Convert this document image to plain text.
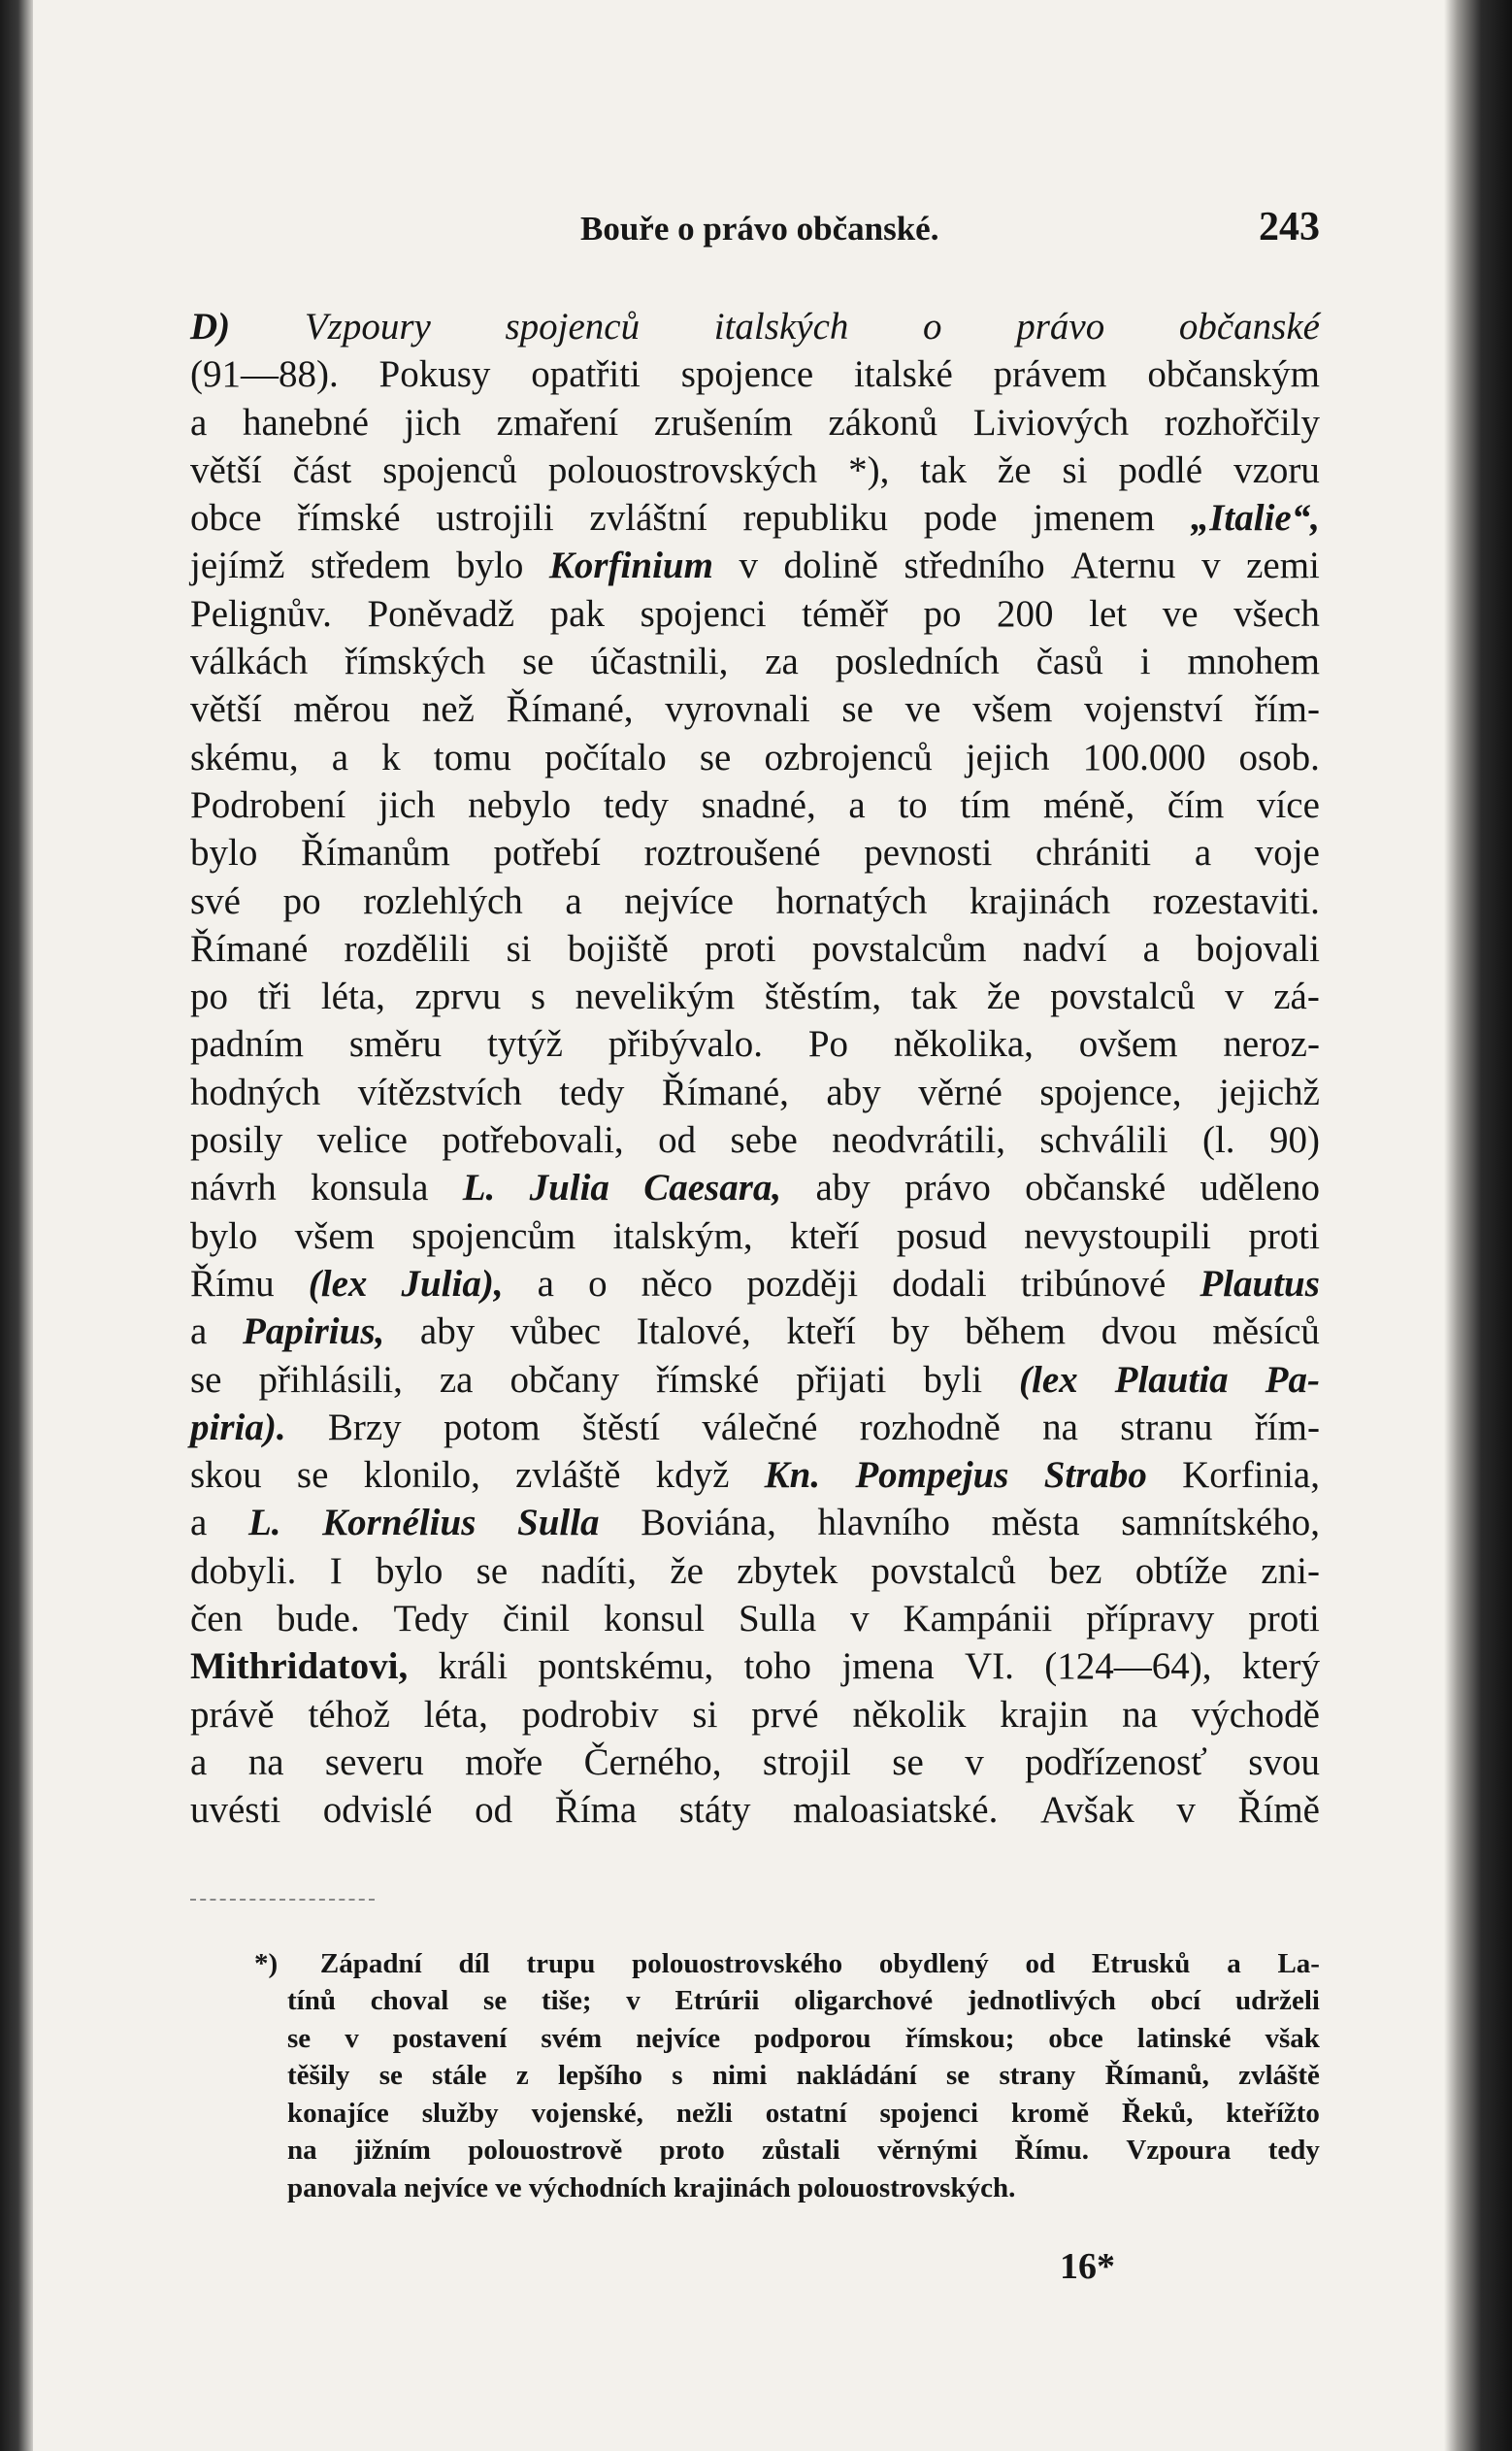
Bouře o právo občanské.	243
D) Vzpoury spojenců italských o právo občanské
(91—88). Pokusy opatřiti spojence italské právem občanským
a hanebné jich zmaření zrušením zákonů Liviových rozhořčily
větší část spojenců polouostrovských *), tak že si podlé vzoru
obce římské ustrojili zvláštní republiku pode jmenem „Italie“,
jejímž středem bylo Korfinium v dolině středního Aternu v zemi
Pelignův. Poněvadž pak spojenci téměř po 200 let ve všech
válkách římských se účastnili, za posledních časů i mnohem
větší měrou než Římané, vyrovnali se ve všem vojenství řím-
skému, a k tomu počítalo se ozbrojenců jejich 100.000 osob.
Podrobení jich nebylo tedy snadné, a to tím méně, čím více
bylo Římanům potřebí roztroušené pevnosti chrániti a voje
své po rozlehlých a nejvíce hornatých krajinách rozestaviti.
Římané rozdělili si bojiště proti povstalcům nadví a bojovali
po tři léta, zprvu s nevelikým štěstím, tak že povstalců v zá-
padním směru tytýž přibývalo. Po několika, ovšem neroz-
hodných vítězstvích tedy Římané, aby věrné spojence, jejichž
posily velice potřebovali, od sebe neodvrátili, schválili (l. 90)
návrh konsula L. Julia Caesara, aby právo občanské uděleno
bylo všem spojencům italským, kteří posud nevystoupili proti
Římu (lex Julia), a o něco později dodali tribúnové Plautus
a Papirius, aby vůbec Italové, kteří by během dvou měsíců
se přihlásili, za občany římské přijati byli (lex Plautia Pa-
piria). Brzy potom štěstí válečné rozhodně na stranu řím-
skou se klonilo, zvláště když Kn. Pompejus Strabo Korfinia,
a L. Kornélius Sulla Boviána, hlavního města samnítského,
dobyli. I bylo se nadíti, že zbytek povstalců bez obtíže zni-
čen bude. Tedy činil konsul Sulla v Kampánii přípravy proti
Mithridatovi, králi pontskému, toho jmena VI. (124—64), který
právě téhož léta, podrobiv si prvé několik krajin na východě
a na severu moře Černého, strojil se v podřízenosť svou
uvésti odvislé od Říma státy maloasiatské. Avšak v Římě
*) Západní díl trupu polouostrovského obydlený od Etrusků a La-
tínů choval se tiše; v Etrúrii oligarchové jednotlivých obcí udrželi
se v postavení svém nejvíce podporou římskou; obce latinské však
těšily se stále z lepšího s nimi nakládání se strany Římanů, zvláště
konajíce služby vojenské, nežli ostatní spojenci kromě Řeků, kteřížto
na jižním polouostrově proto zůstali věrnými Římu. Vzpoura tedy
panovala nejvíce ve východních krajinách polouostrovských.
16*
